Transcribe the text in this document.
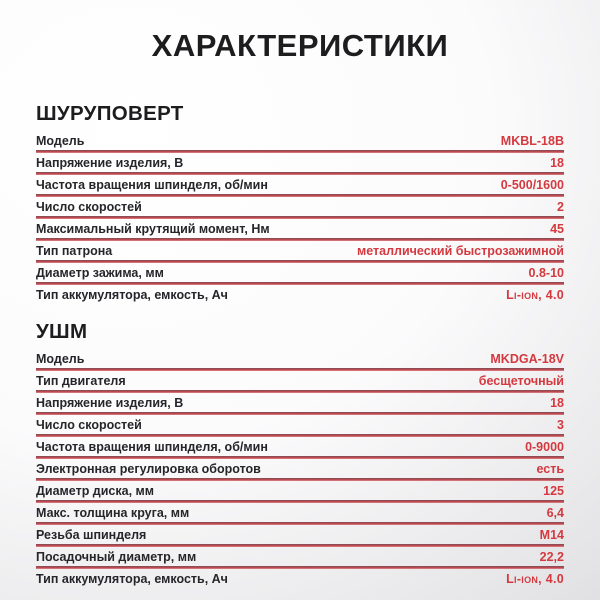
ХАРАКТЕРИСТИКИ
ШУРУПОВЕРТ
Модель	MKBL-18B
Напряжение изделия, В	18
Частота вращения шпинделя, об/мин	0-500/1600
Число скоростей	2
Максимальный крутящий момент, Нм	45
Тип патрона	металлический быстрозажимной
Диаметр зажима, мм	0.8-10
Тип аккумулятора, емкость, Ач	Li-ion, 4.0
УШМ
Модель	MKDGA-18V
Тип двигателя	бесщеточный
Напряжение изделия, В	18
Число скоростей	3
Частота вращения шпинделя, об/мин	0-9000
Электронная регулировка оборотов	есть
Диаметр диска, мм	125
Макс. толщина круга, мм	6,4
Резьба шпинделя	M14
Посадочный диаметр, мм	22,2
Тип аккумулятора, емкость, Ач	Li-ion, 4.0
